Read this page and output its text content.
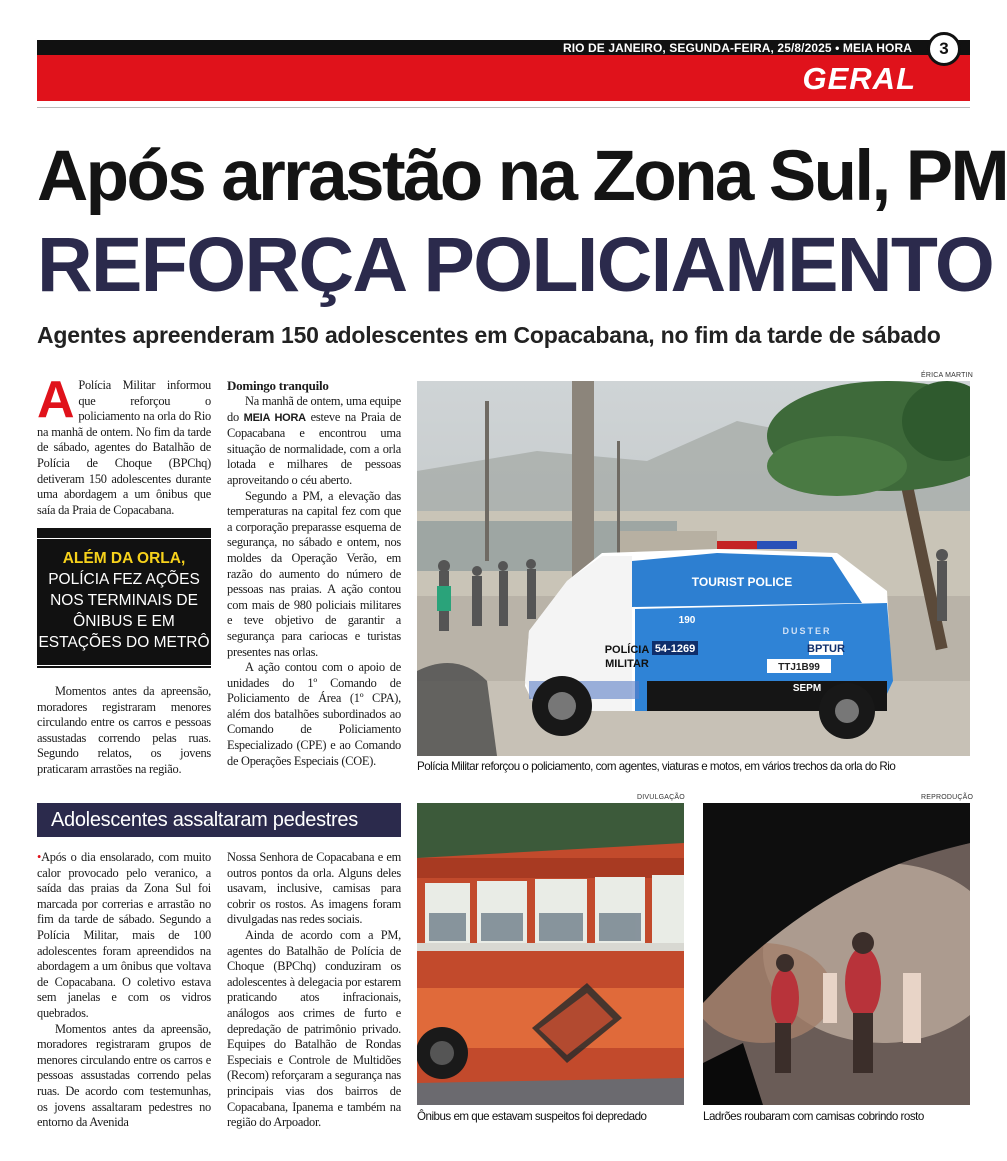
RIO DE JANEIRO, SEGUNDA-FEIRA, 25/8/2025 • MEIA HORA
GERAL
3
Após arrastão na Zona Sul, PM
REFORÇA POLICIAMENTO
Agentes apreenderam 150 adolescentes em Copacabana, no fim da tarde de sábado

A Polícia Militar informou que reforçou o policiamento na orla do Rio na manhã de ontem. No fim da tarde de sábado, agentes do Batalhão de Polícia de Choque (BPChq) detiveram 150 adolescentes durante uma abordagem a um ônibus que saía da Praia de Copacabana.

ALÉM DA ORLA,
POLÍCIA FEZ AÇÕES NOS TERMINAIS DE ÔNIBUS E EM ESTAÇÕES DO METRÔ

Momentos antes da apreensão, moradores registraram menores circulando entre os carros e pessoas assustadas correndo pelas ruas. Segundo relatos, os jovens praticaram arrastões na região.

Domingo tranquilo

Na manhã de ontem, uma equipe do MEIA HORA esteve na Praia de Copacabana e encontrou uma situação de normalidade, com a orla lotada e milhares de pessoas aproveitando o céu aberto.

Segundo a PM, a elevação das temperaturas na capital fez com que a corporação preparasse esquema de segurança, no sábado e ontem, nos moldes da Operação Verão, em razão do aumento do número de pessoas nas praias. A ação contou com mais de 980 policiais militares e teve objetivo de garantir a segurança para cariocas e turistas presentes nas orlas.

A ação contou com o apoio de unidades do 1º Comando de Policiamento de Área (1º CPA), além dos batalhões subordinados ao Comando de Policiamento Especializado (CPE) e ao Comando de Operações Especiais (COE).

ÉRICA MARTIN
TOURIST POLICE
54-1269	BPTUR
DUSTER
TTJ1B99
SEPM
POLÍCIA
MILITAR
190
Polícia Militar reforçou o policiamento, com agentes, viaturas e motos, em vários trechos da orla do Rio
Adolescentes assaltaram pedestres

•Após o dia ensolarado, com muito calor provocado pelo veranico, a saída das praias da Zona Sul foi marcada por correrias e arrastão no fim da tarde de sábado. Segundo a Polícia Militar, mais de 100 adolescentes foram apreendidos na abordagem a um ônibus que voltava de Copacabana. O coletivo estava sem janelas e com os vidros quebrados.

Momentos antes da apreensão, moradores registraram grupos de menores circulando entre os carros e pessoas assustadas correndo pelas ruas. De acordo com testemunhas, os jovens assaltaram pedestres no entorno da Avenida

Nossa Senhora de Copacabana e em outros pontos da orla. Alguns deles usavam, inclusive, camisas para cobrir os rostos. As imagens foram divulgadas nas redes sociais.

Ainda de acordo com a PM, agentes do Batalhão de Polícia de Choque (BPChq) conduziram os adolescentes à delegacia por estarem praticando atos infracionais, análogos aos crimes de furto e depredação de patrimônio privado. Equipes do Batalhão de Rondas Especiais e Controle de Multidões (Recom) reforçaram a segurança nas principais vias dos bairros de Copacabana, Ipanema e também na região do Arpoador.

DIVULGAÇÃO
Ônibus em que estavam suspeitos foi depredado
REPRODUÇÃO
Ladrões roubaram com camisas cobrindo rosto
